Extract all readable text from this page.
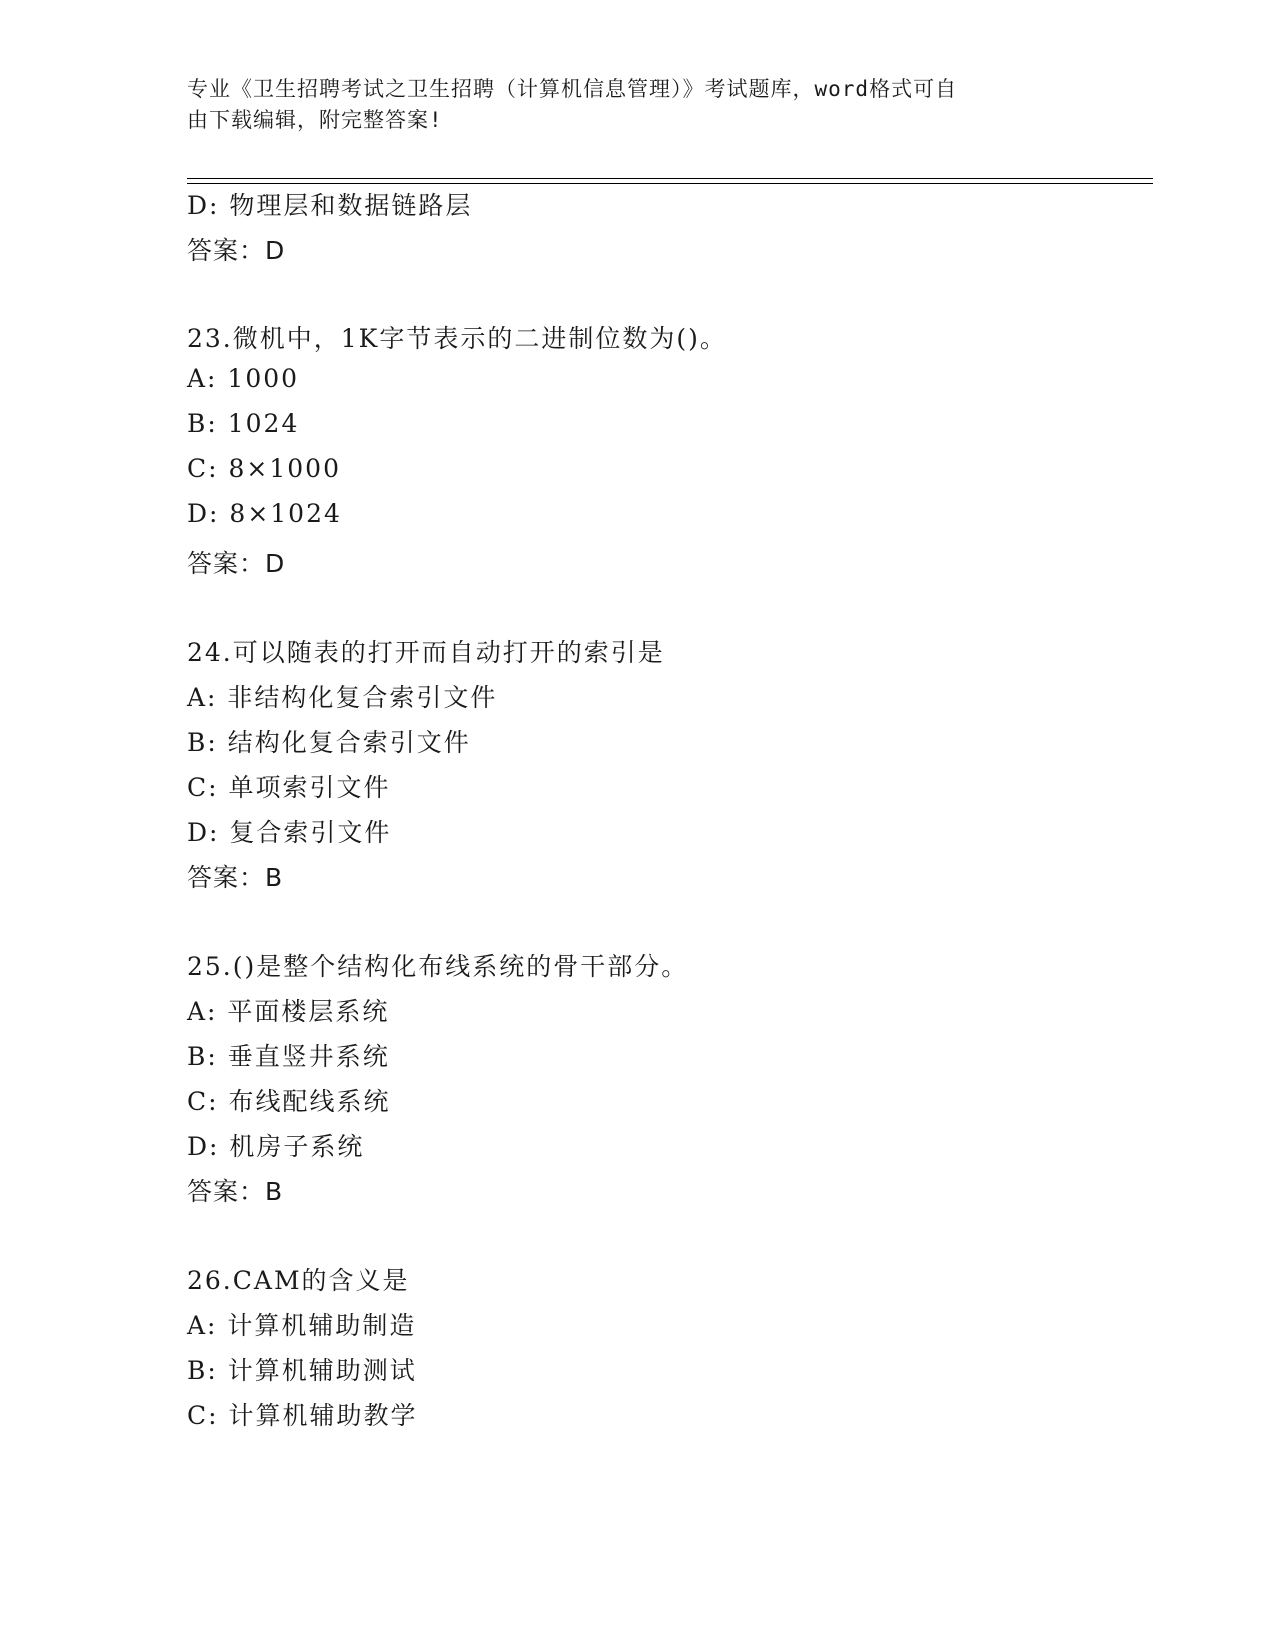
专业《卫生招聘考试之卫生招聘（计算机信息管理）》考试题库，word格式可自
由下载编辑，附完整答案!
D: 物理层和数据链路层
答案：D
23.微机中，1K字节表示的二进制位数为()。
A: 1000
B: 1024
C: 8×1000
D: 8×1024
答案：D
24.可以随表的打开而自动打开的索引是
A: 非结构化复合索引文件
B: 结构化复合索引文件
C: 单项索引文件
D: 复合索引文件
答案：B
25.()是整个结构化布线系统的骨干部分。
A: 平面楼层系统
B: 垂直竖井系统
C: 布线配线系统
D: 机房子系统
答案：B
26.CAM的含义是
A: 计算机辅助制造
B: 计算机辅助测试
C: 计算机辅助教学
